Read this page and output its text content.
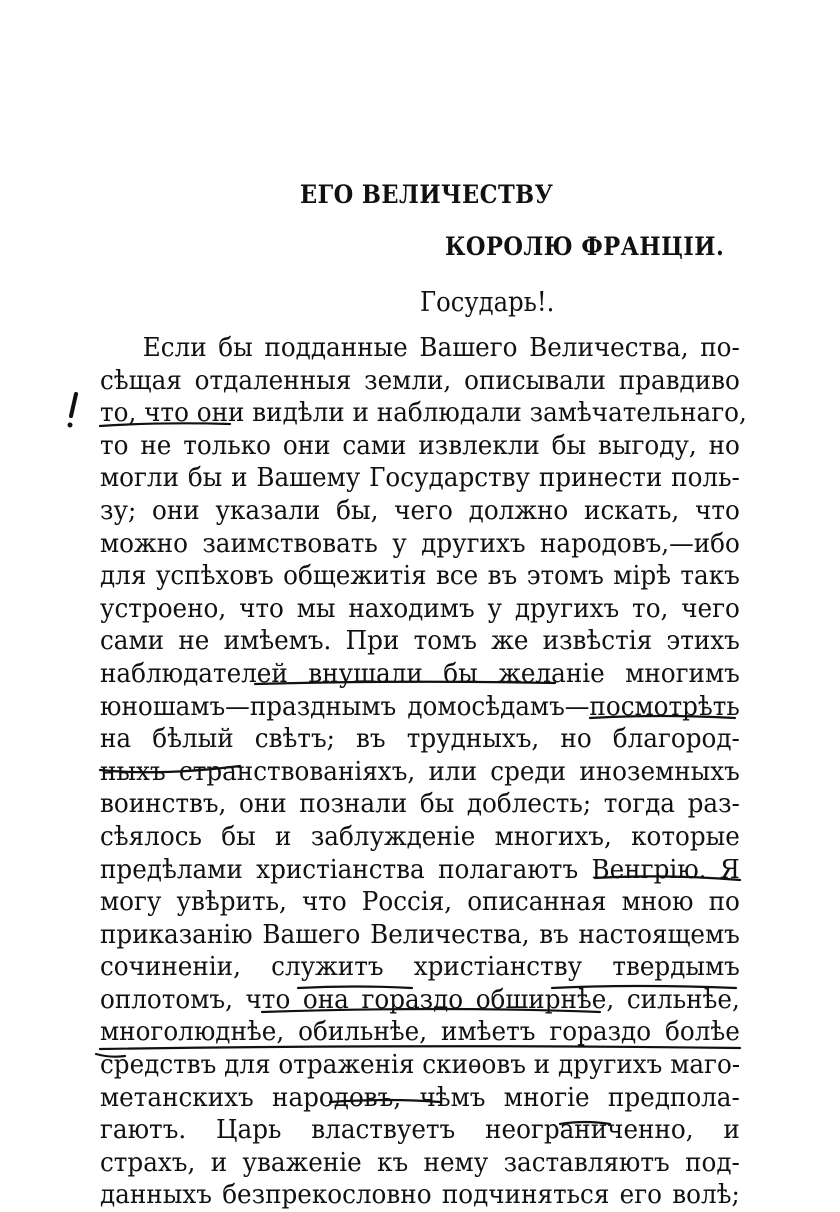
ЕГО ВЕЛИЧЕСТВУ
КОРОЛЮ ФРАНЦІИ.
Государь!.
Если бы подданные Вашего Величества, по-
сѣщая отдаленныя земли, описывали правдиво
то, что они видѣли и наблюдали замѣчательнаго,
то не только они сами извлекли бы выгоду, но
могли бы и Вашему Государству принести поль-
зу; они указали бы, чего должно искать, что
можно заимствовать у другихъ народовъ,—ибо
для успѣховъ общежитія все въ этомъ мірѣ такъ
устроено, что мы находимъ у другихъ то, чего
сами не имѣемъ. При томъ же извѣстія этихъ
наблюдателей внушали бы желаніе многимъ
юношамъ—празднымъ домосѣдамъ—посмотрѣть
на бѣлый свѣтъ; въ трудныхъ, но благород-
ныхъ странствованіяхъ, или среди иноземныхъ
воинствъ, они познали бы доблесть; тогда раз-
сѣялось бы и заблужденіе многихъ, которые
предѣлами христіанства полагаютъ Венгрію. Я
могу увѣрить, что Россія, описанная мною по
приказанію Вашего Величества, въ настоящемъ
сочиненіи, служитъ христіанству твердымъ
оплотомъ, что она гораздо обширнѣе, сильнѣе,
многолюднѣе, обильнѣе, имѣетъ гораздо болѣе
средствъ для отраженія скиѳовъ и другихъ маго-
метанскихъ народовъ, чѣмъ многіе предпола-
гаютъ. Царь властвуетъ неограниченно, и
страхъ, и уваженіе къ нему заставляютъ под-
данныхъ безпрекословно подчиняться его волѣ;
